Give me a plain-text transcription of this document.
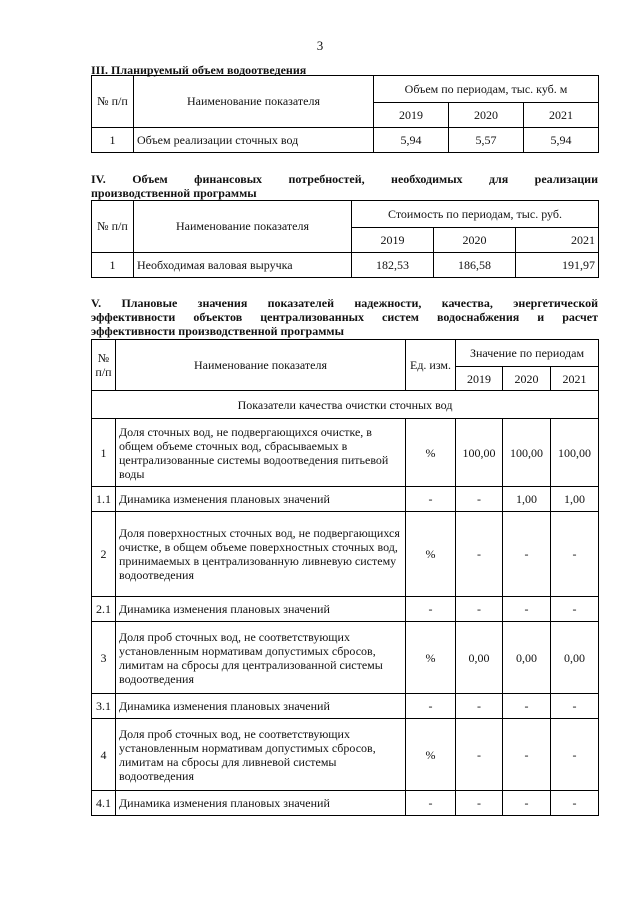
3
III. Планируемый объем водоотведения
№ п/п	Наименование показателя	Объем по периодам, тыс. куб. м		
		2019	2020	2021
1	Объем реализации сточных вод	5,94	5,57	5,94
IV. Объем финансовых потребностей, необходимых для реализации
производственной программы
№ п/п	Наименование показателя	Стоимость по периодам, тыс. руб.		
		2019	2020	2021
1	Необходимая валовая выручка	182,53	186,58	191,97
V. Плановые значения показателей надежности, качества, энергетической
эффективности объектов централизованных систем водоснабжения и расчет
эффективности производственной программы
№ п/п	Наименование показателя	Ед. изм.	Значение по периодам		
			2019	2020	2021
Показатели качества очистки сточных вод					
1	Доля сточных вод, не подвергающихся очистке, в общем объеме сточных вод, сбрасываемых в централизованные системы водоотведения питьевой воды	%	100,00	100,00	100,00
1.1	Динамика изменения плановых значений	-	-	1,00	1,00
2	Доля поверхностных сточных вод, не подвергающихся очистке, в общем объеме поверхностных сточных вод, принимаемых в централизованную ливневую систему водоотведения	%	-	-	-
2.1	Динамика изменения плановых значений	-	-	-	-
3	Доля проб сточных вод, не соответствующих установленным нормативам допустимых сбросов, лимитам на сбросы для централизованной системы водоотведения	%	0,00	0,00	0,00
3.1	Динамика изменения плановых значений	-	-	-	-
4	Доля проб сточных вод, не соответствующих установленным нормативам допустимых сбросов, лимитам на сбросы для ливневой системы водоотведения	%	-	-	-
4.1	Динамика изменения плановых значений	-	-	-	-
